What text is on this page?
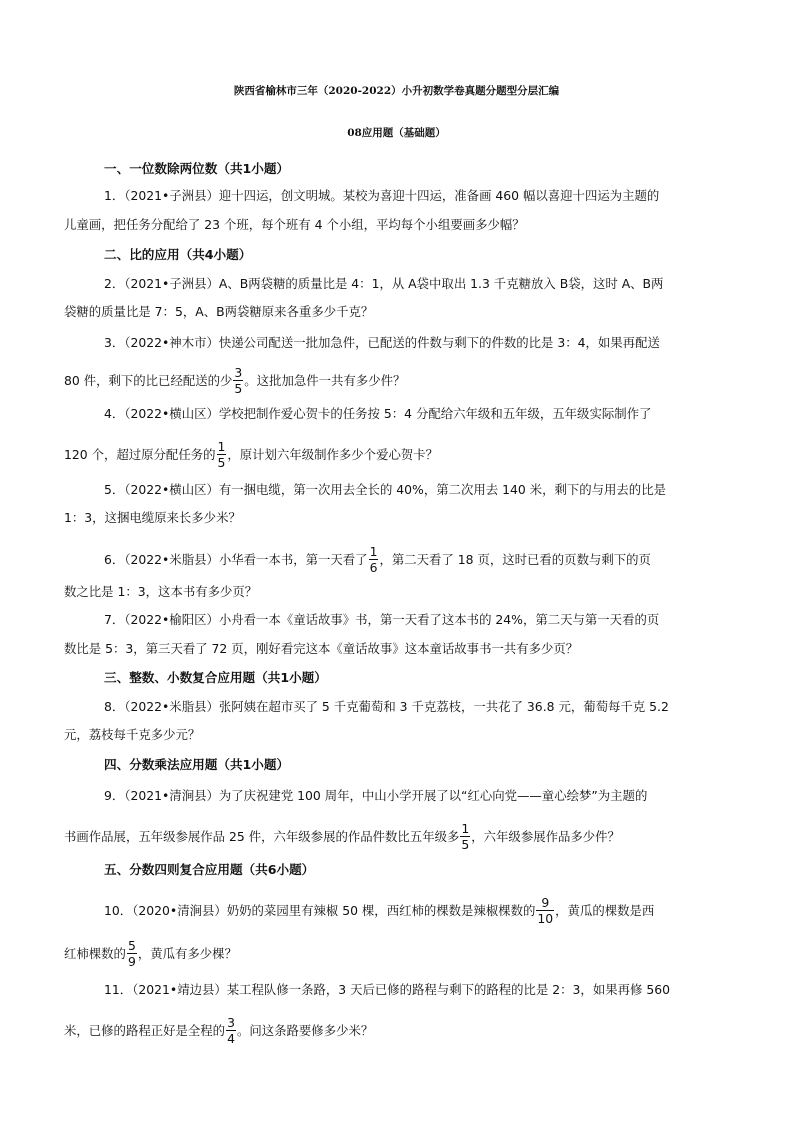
陕西省榆林市三年（2020-2022）小升初数学卷真题分题型分层汇编
08应用题（基础题）
一、一位数除两位数（共1小题）
1．（2021•子洲县）迎十四运，创文明城。某校为喜迎十四运，准备画 460 幅以喜迎十四运为主题的
儿童画，把任务分配给了 23 个班，每个班有 4 个小组，平均每个小组要画多少幅？
二、比的应用（共4小题）
2．（2021•子洲县）A、B两袋糖的质量比是 4：1，从 A袋中取出 1.3 千克糖放入 B袋，这时 A、B两
袋糖的质量比是 7：5，A、B两袋糖原来各重多少千克？
3．（2022•神木市）快递公司配送一批加急件，已配送的件数与剩下的件数的比是 3：4，如果再配送
80 件，剩下的比已经配送的少 $\frac{3}{5}$ 。这批加急件一共有多少件？
4．（2022•横山区）学校把制作爱心贺卡的任务按 5：4 分配给六年级和五年级，五年级实际制作了
120 个，超过原分配任务的 $\frac{1}{5}$ ，原计划六年级制作多少个爱心贺卡？
5．（2022•横山区）有一捆电缆，第一次用去全长的 40%，第二次用去 140 米，剩下的与用去的比是
1：3，这捆电缆原来长多少米？
6．（2022•米脂县）小华看一本书，第一天看了 $\frac{1}{6}$ ，第二天看了 18 页，这时已看的页数与剩下的页
数之比是 1：3，这本书有多少页？
7．（2022•榆阳区）小舟看一本《童话故事》书，第一天看了这本书的 24%，第二天与第一天看的页
数比是 5：3，第三天看了 72 页，刚好看完这本《童话故事》这本童话故事书一共有多少页？
三、整数、小数复合应用题（共1小题）
8．（2022•米脂县）张阿姨在超市买了 5 千克葡萄和 3 千克荔枝，一共花了 36.8 元，葡萄每千克 5.2
元，荔枝每千克多少元？
四、分数乘法应用题（共1小题）
9．（2021•清涧县）为了庆祝建党 100 周年，中山小学开展了以“红心向党——童心绘梦”为主题的
书画作品展，五年级参展作品 25 件，六年级参展的作品件数比五年级多 $\frac{1}{5}$ ，六年级参展作品多少件？
五、分数四则复合应用题（共6小题）
10．（2020•清涧县）奶奶的菜园里有辣椒 50 棵，西红柿的棵数是辣椒棵数的 $\frac{9}{10}$ ，黄瓜的棵数是西
红柿棵数的 $\frac{5}{9}$ ，黄瓜有多少棵？
11．（2021•靖边县）某工程队修一条路，3 天后已修的路程与剩下的路程的比是 2：3，如果再修 560
米，已修的路程正好是全程的 $\frac{3}{4}$ 。问这条路要修多少米？
